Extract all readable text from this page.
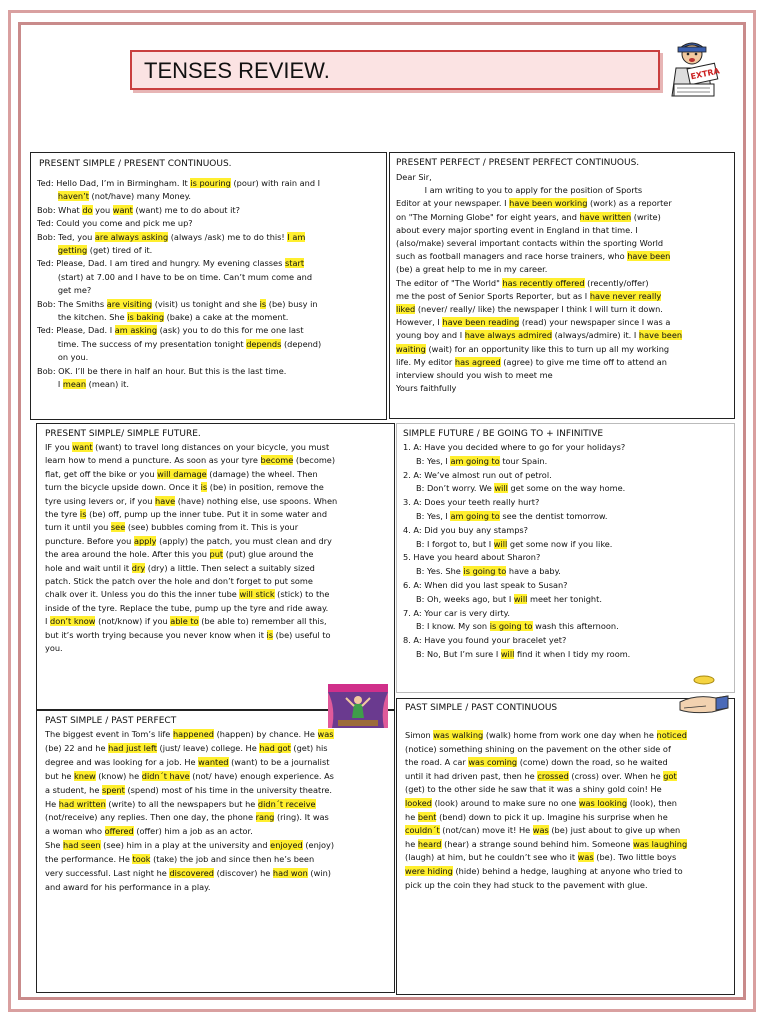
TENSES REVIEW.	EXTRA
PRESENT SIMPLE / PRESENT CONTINUOUS.
Ted: Hello Dad, I’m in Birmingham. It is pouring (pour) with rain and I
haven’t (not/have) many Money.
Bob: What do you want (want) me to do about it?
Ted: Could you come and pick me up?
Bob: Ted, you are always asking (always /ask) me to do this! I am
getting (get) tired of it.
Ted: Please, Dad. I am tired and hungry. My evening classes start
(start) at 7.00 and I have to be on time. Can’t mum come and
get me?
Bob: The Smiths are visiting (visit) us tonight and she is (be) busy in
the kitchen. She is baking (bake) a cake at the moment.
Ted: Please, Dad. I am asking (ask) you to do this for me one last
time. The success of my presentation tonight depends (depend)
on you.
Bob: OK. I’ll be there in half an hour. But this is the last time.
I mean (mean) it.
PRESENT PERFECT / PRESENT PERFECT CONTINUOUS.
Dear Sir,
I am writing to you to apply for the position of Sports
Editor at your newspaper. I have been working (work) as a reporter
on "The Morning Globe" for eight years, and have written (write)
about every major sporting event in England in that time. I
(also/make) several important contacts within the sporting World
such as football managers and race horse trainers, who have been
(be) a great help to me in my career.
The editor of "The World" has recently offered (recently/offer)
me the post of Senior Sports Reporter, but as I have never really
liked (never/ really/ like) the newspaper I think I will turn it down.
However, I have been reading (read) your newspaper since I was a
young boy and I have always admired (always/admire) it. I have been
waiting (wait) for an opportunity like this to turn up all my working
life. My editor has agreed (agree) to give me time off to attend an
interview should you wish to meet me
Yours faithfully
PRESENT SIMPLE/ SIMPLE FUTURE.
IF you want (want) to travel long distances on your bicycle, you must
learn how to mend a puncture. As soon as your tyre become (become)
flat, get off the bike or you will damage (damage) the wheel. Then
turn the bicycle upside down. Once it is (be) in position, remove the
tyre using levers or, if you have (have) nothing else, use spoons. When
the tyre is (be) off, pump up the inner tube. Put it in some water and
turn it until you see (see) bubbles coming from it. This is your
puncture. Before you apply (apply) the patch, you must clean and dry
the area around the hole. After this you put (put) glue around the
hole and wait until it dry (dry) a little. Then select a suitably sized
patch. Stick the patch over the hole and don’t forget to put some
chalk over it. Unless you do this the inner tube will stick (stick) to the
inside of the tyre. Replace the tube, pump up the tyre and ride away.
I don’t know (not/know) if you able to (be able to) remember all this,
but it’s worth trying because you never know when it is (be) useful to
you.
SIMPLE FUTURE / BE GOING TO + INFINITIVE
1. A: Have you decided where to go for your holidays?
B: Yes, I am going to tour Spain.
2. A: We’ve almost run out of petrol.
B: Don’t worry. We will get some on the way home.
3. A: Does your teeth really hurt?
B: Yes, I am going to see the dentist tomorrow.
4. A: Did you buy any stamps?
B: I forgot to, but I will get some now if you like.
5. Have you heard about Sharon?
B: Yes. She is going to have a baby.
6. A: When did you last speak to Susan?
B: Oh, weeks ago, but I will meet her tonight.
7. A: Your car is very dirty.
B: I know. My son is going to wash this afternoon.
8. A: Have you found your bracelet yet?
B: No, But I’m sure I will find it when I tidy my room.
PAST SIMPLE / PAST PERFECT
The biggest event in Tom’s life happened (happen) by chance. He was
(be) 22 and he had just left (just/ leave) college. He had got (get) his
degree and was looking for a job. He wanted (want) to be a journalist
but he knew (know) he didn´t have (not/ have) enough experience. As
a student, he spent (spend) most of his time in the university theatre.
He had written (write) to all the newspapers but he didn´t receive
(not/receive) any replies. Then one day, the phone rang (ring). It was
a woman who offered (offer) him a job as an actor.
She had seen (see) him in a play at the university and enjoyed (enjoy)
the performance. He took (take) the job and since then he’s been
very successful. Last night he discovered (discover) he had won (win)
and award for his performance in a play.
PAST SIMPLE / PAST CONTINUOUS
Simon was walking (walk) home from work one day when he noticed
(notice) something shining on the pavement on the other side of
the road. A car was coming (come) down the road, so he waited
until it had driven past, then he crossed (cross) over. When he got
(get) to the other side he saw that it was a shiny gold coin! He
looked (look) around to make sure no one was looking (look), then
he bent (bend) down to pick it up. Imagine his surprise when he
couldn´t (not/can) move it! He was (be) just about to give up when
he heard (hear) a strange sound behind him. Someone was laughing
(laugh) at him, but he couldn’t see who it was (be). Two little boys
were hiding (hide) behind a hedge, laughing at anyone who tried to
pick up the coin they had stuck to the pavement with glue.
